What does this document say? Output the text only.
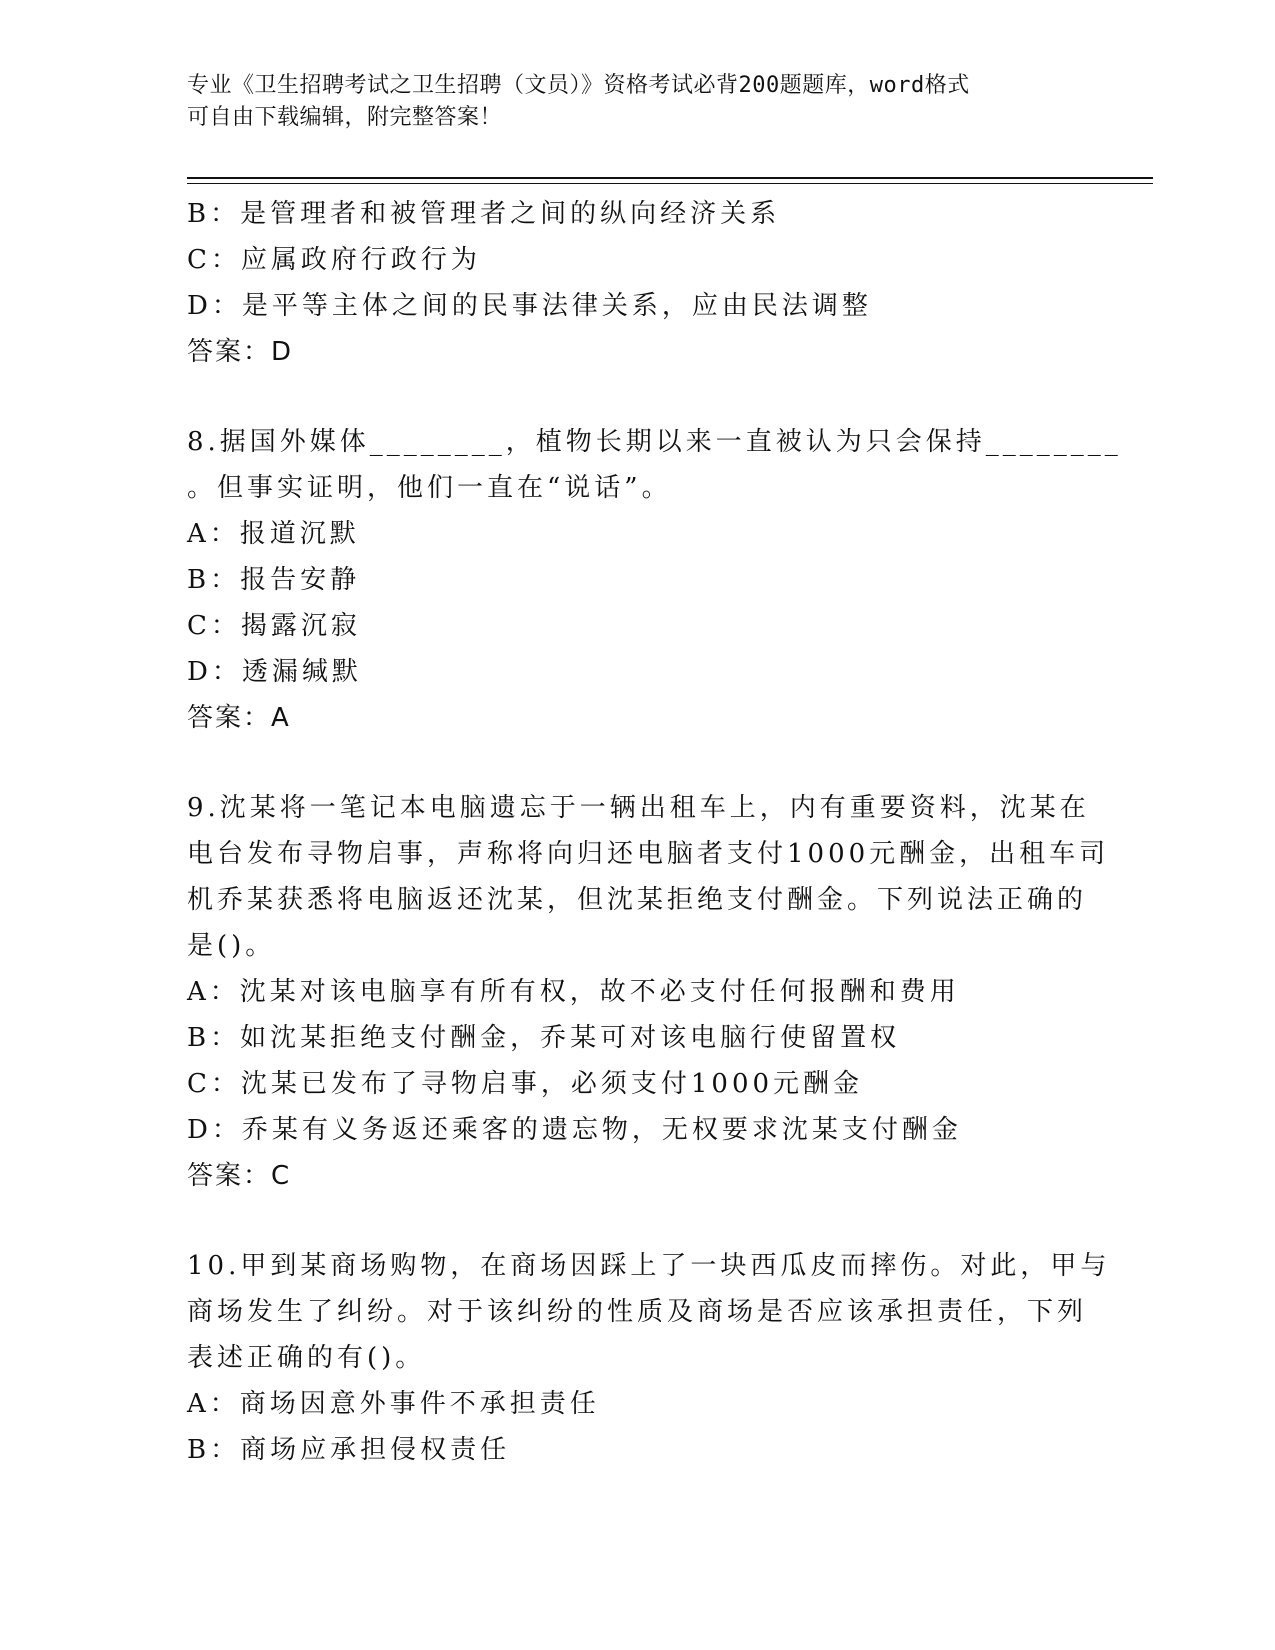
专业《卫生招聘考试之卫生招聘（文员）》资格考试必背200题题库，word格式
可自由下载编辑，附完整答案！
B：是管理者和被管理者之间的纵向经济关系
C：应属政府行政行为
D：是平等主体之间的民事法律关系，应由民法调整
答案：D
8.据国外媒体________，植物长期以来一直被认为只会保持________
。但事实证明，他们一直在“说话”。
A：报道沉默
B：报告安静
C：揭露沉寂
D：透漏缄默
答案：A
9.沈某将一笔记本电脑遗忘于一辆出租车上，内有重要资料，沈某在
电台发布寻物启事，声称将向归还电脑者支付1000元酬金，出租车司
机乔某获悉将电脑返还沈某，但沈某拒绝支付酬金。下列说法正确的
是()。
A：沈某对该电脑享有所有权，故不必支付任何报酬和费用
B：如沈某拒绝支付酬金，乔某可对该电脑行使留置权
C：沈某已发布了寻物启事，必须支付1000元酬金
D：乔某有义务返还乘客的遗忘物，无权要求沈某支付酬金
答案：C
10.甲到某商场购物，在商场因踩上了一块西瓜皮而摔伤。对此，甲与
商场发生了纠纷。对于该纠纷的性质及商场是否应该承担责任，下列
表述正确的有()。
A：商场因意外事件不承担责任
B：商场应承担侵权责任
